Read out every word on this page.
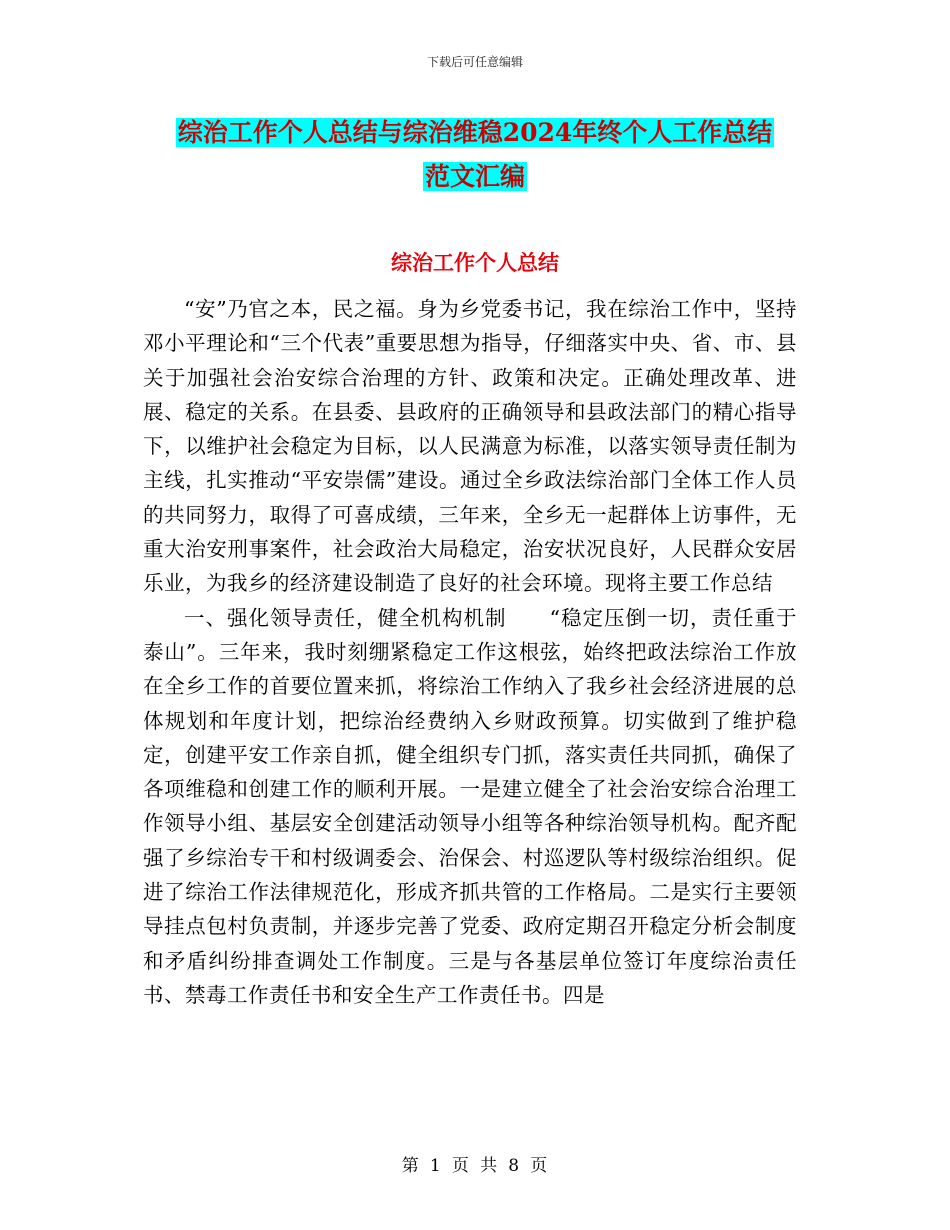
下载后可任意编辑
综治工作个人总结与综治维稳2024年终个人工作总结
范文汇编
综治工作个人总结

“安”乃官之本，民之福。身为乡党委书记，我在综治工作中，坚持邓小平理论和“三个代表”重要思想为指导，仔细落实中央、省、市、县关于加强社会治安综合治理的方针、政策和决定。正确处理改革、进展、稳定的关系。在县委、县政府的正确领导和县政法部门的精心指导下，以维护社会稳定为目标，以人民满意为标准，以落实领导责任制为主线，扎实推动“平安崇儒”建设。通过全乡政法综治部门全体工作人员的共同努力，取得了可喜成绩，三年来，全乡无一起群体上访事件，无重大治安刑事案件，社会政治大局稳定，治安状况良好，人民群众安居乐业，为我乡的经济建设制造了良好的社会环境。现将主要工作总结

一、强化领导责任，健全机构机制　　“稳定压倒一切，责任重于泰山”。三年来，我时刻绷紧稳定工作这根弦，始终把政法综治工作放在全乡工作的首要位置来抓，将综治工作纳入了我乡社会经济进展的总体规划和年度计划，把综治经费纳入乡财政预算。切实做到了维护稳定，创建平安工作亲自抓，健全组织专门抓，落实责任共同抓，确保了各项维稳和创建工作的顺利开展。一是建立健全了社会治安综合治理工作领导小组、基层安全创建活动领导小组等各种综治领导机构。配齐配强了乡综治专干和村级调委会、治保会、村巡逻队等村级综治组织。促进了综治工作法律规范化，形成齐抓共管的工作格局。二是实行主要领导挂点包村负责制，并逐步完善了党委、政府定期召开稳定分析会制度和矛盾纠纷排查调处工作制度。三是与各基层单位签订年度综治责任书、禁毒工作责任书和安全生产工作责任书。四是

第 1 页 共 8 页
